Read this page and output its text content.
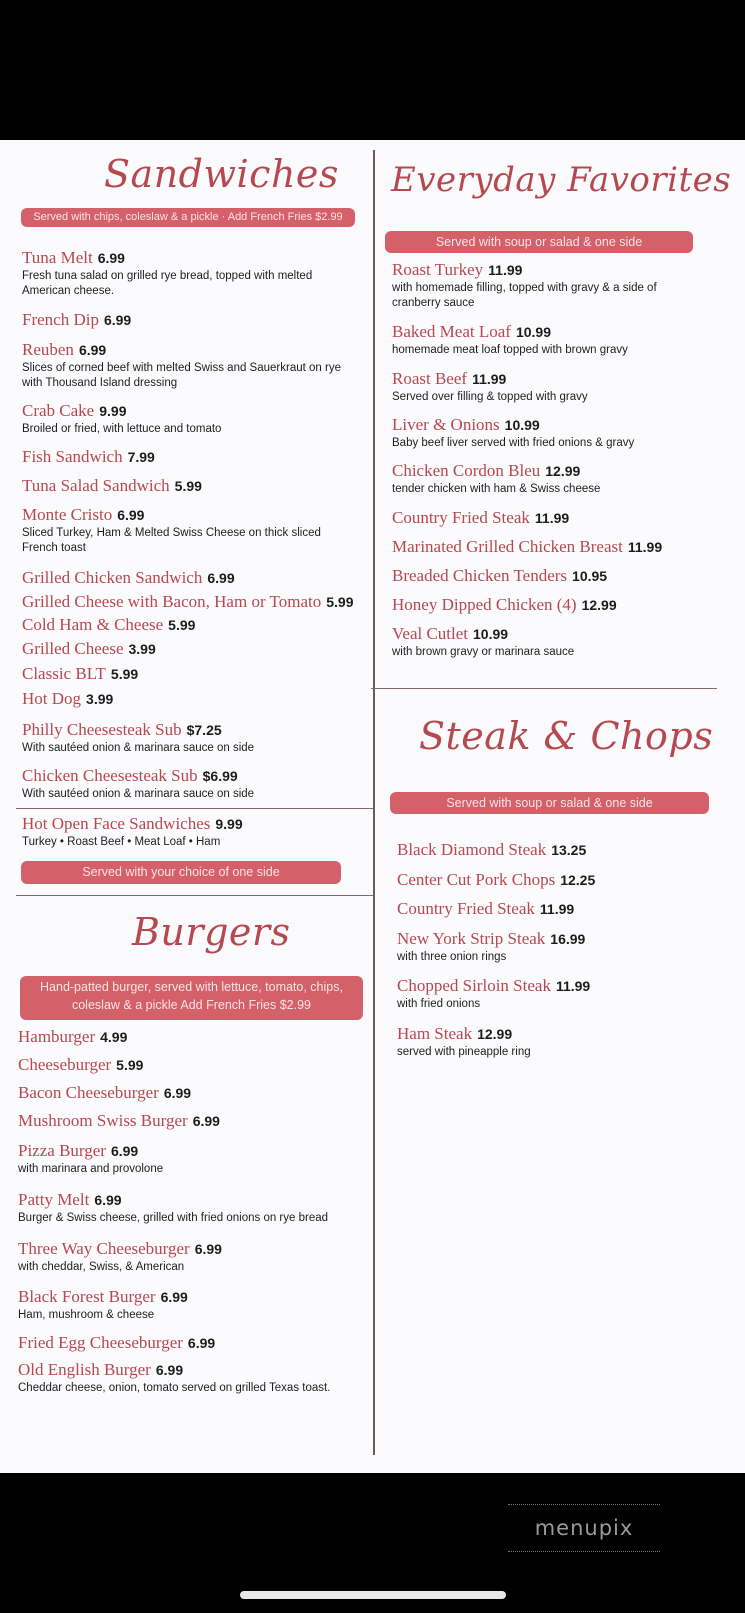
Sandwiches
Served with chips, coleslaw & a pickle · Add French Fries $2.99
Tuna Melt 6.99
Fresh tuna salad on grilled rye bread, topped with melted American cheese.
French Dip 6.99
Reuben 6.99
Slices of corned beef with melted Swiss and Sauerkraut on rye with Thousand Island dressing
Crab Cake 9.99
Broiled or fried, with lettuce and tomato
Fish Sandwich 7.99
Tuna Salad Sandwich 5.99
Monte Cristo 6.99
Sliced Turkey, Ham & Melted Swiss Cheese on thick sliced French toast
Grilled Chicken Sandwich 6.99
Grilled Cheese with Bacon, Ham or Tomato 5.99
Cold Ham & Cheese 5.99
Grilled Cheese 3.99
Classic BLT 5.99
Hot Dog 3.99
Philly Cheesesteak Sub $7.25
With sautéed onion & marinara sauce on side
Chicken Cheesesteak Sub $6.99
With sautéed onion & marinara sauce on side
Hot Open Face Sandwiches 9.99
Turkey • Roast Beef • Meat Loaf • Ham
Served with your choice of one side
Burgers
Hand-patted burger, served with lettuce, tomato, chips, coleslaw & a pickle Add French Fries $2.99
Hamburger 4.99
Cheeseburger 5.99
Bacon Cheeseburger 6.99
Mushroom Swiss Burger 6.99
Pizza Burger 6.99
with marinara and provolone
Patty Melt 6.99
Burger & Swiss cheese, grilled with fried onions on rye bread
Three Way Cheeseburger 6.99
with cheddar, Swiss, & American
Black Forest Burger 6.99
Ham, mushroom & cheese
Fried Egg Cheeseburger 6.99
Old English Burger 6.99
Cheddar cheese, onion, tomato served on grilled Texas toast.
Everyday Favorites
Served with soup or salad & one side
Roast Turkey 11.99
with homemade filling, topped with gravy & a side of cranberry sauce
Baked Meat Loaf 10.99
homemade meat loaf topped with brown gravy
Roast Beef 11.99
Served over filling & topped with gravy
Liver & Onions 10.99
Baby beef liver served with fried onions & gravy
Chicken Cordon Bleu 12.99
tender chicken with ham & Swiss cheese
Country Fried Steak 11.99
Marinated Grilled Chicken Breast 11.99
Breaded Chicken Tenders 10.95
Honey Dipped Chicken (4) 12.99
Veal Cutlet 10.99
with brown gravy or marinara sauce
Steak & Chops
Served with soup or salad & one side
Black Diamond Steak 13.25
Center Cut Pork Chops 12.25
Country Fried Steak 11.99
New York Strip Steak 16.99
with three onion rings
Chopped Sirloin Steak 11.99
with fried onions
Ham Steak 12.99
served with pineapple ring
menupix
